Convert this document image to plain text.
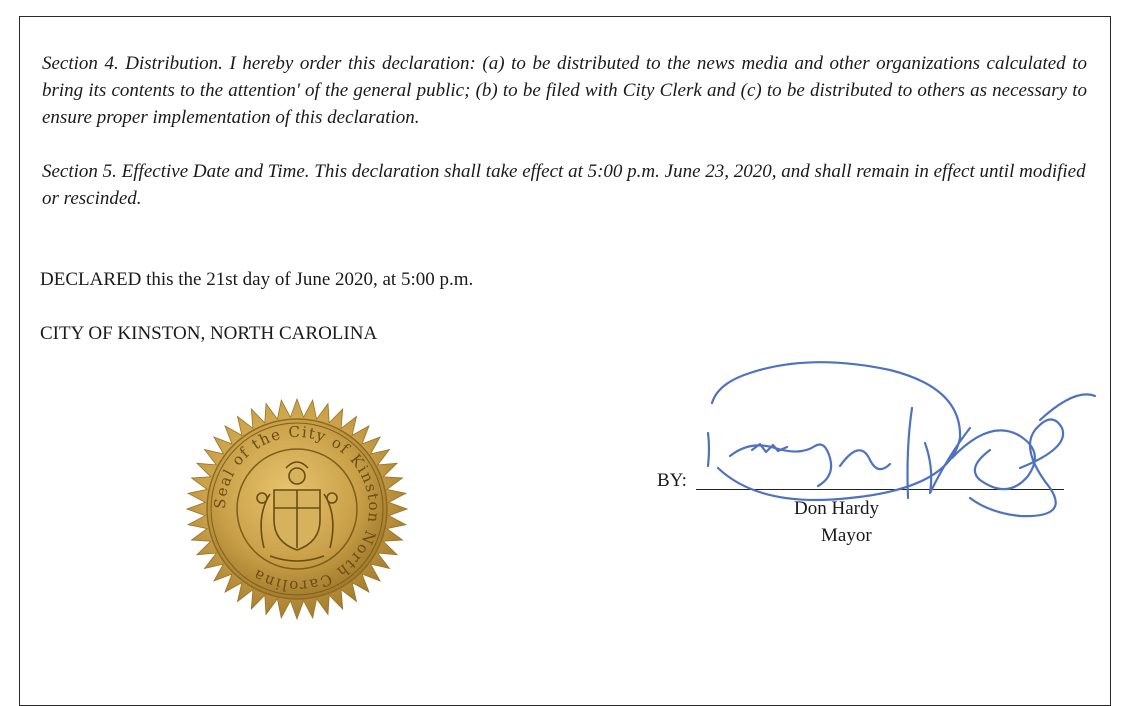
Section 4. Distribution. I hereby order this declaration: (a) to be distributed to the news media and other organizations calculated to bring its contents to the attention' of the general public; (b) to be filed with City Clerk and (c) to be distributed to others as necessary to ensure proper implementation of this declaration.

Section 5. Effective Date and Time. This declaration shall take effect at 5:00 p.m. June 23, 2020, and shall remain in effect until modified or rescinded.

DECLARED this the 21st day of June 2020, at 5:00 p.m.
CITY OF KINSTON, NORTH CAROLINA
Seal of the City of Kinston North Carolina
BY:
Don Hardy
Mayor
